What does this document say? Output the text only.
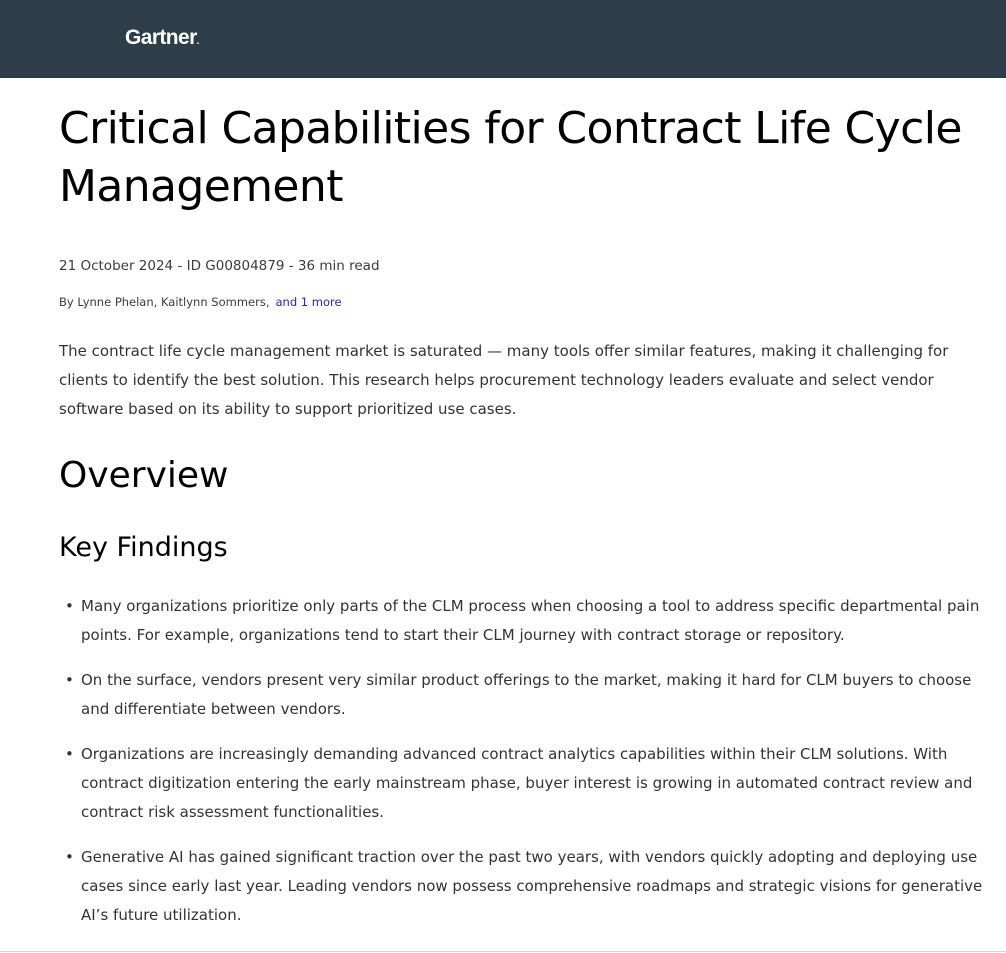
Gartner.
Critical Capabilities for Contract Life Cycle Management
21 October 2024 - ID G00804879 - 36 min read
By Lynne Phelan, Kaitlynn Sommers, and 1 more

The contract life cycle management market is saturated — many tools offer similar features, making it challenging for clients to identify the best solution. This research helps procurement technology leaders evaluate and select vendor software based on its ability to support prioritized use cases.

Overview
Key Findings
• Many organizations prioritize only parts of the CLM process when choosing a tool to address specific departmental pain points. For example, organizations tend to start their CLM journey with contract storage or repository.
• On the surface, vendors present very similar product offerings to the market, making it hard for CLM buyers to choose and differentiate between vendors.
• Organizations are increasingly demanding advanced contract analytics capabilities within their CLM solutions. With contract digitization entering the early mainstream phase, buyer interest is growing in automated contract review and contract risk assessment functionalities.
• Generative AI has gained significant traction over the past two years, with vendors quickly adopting and deploying use cases since early last year. Leading vendors now possess comprehensive roadmaps and strategic visions for generative AI’s future utilization.
